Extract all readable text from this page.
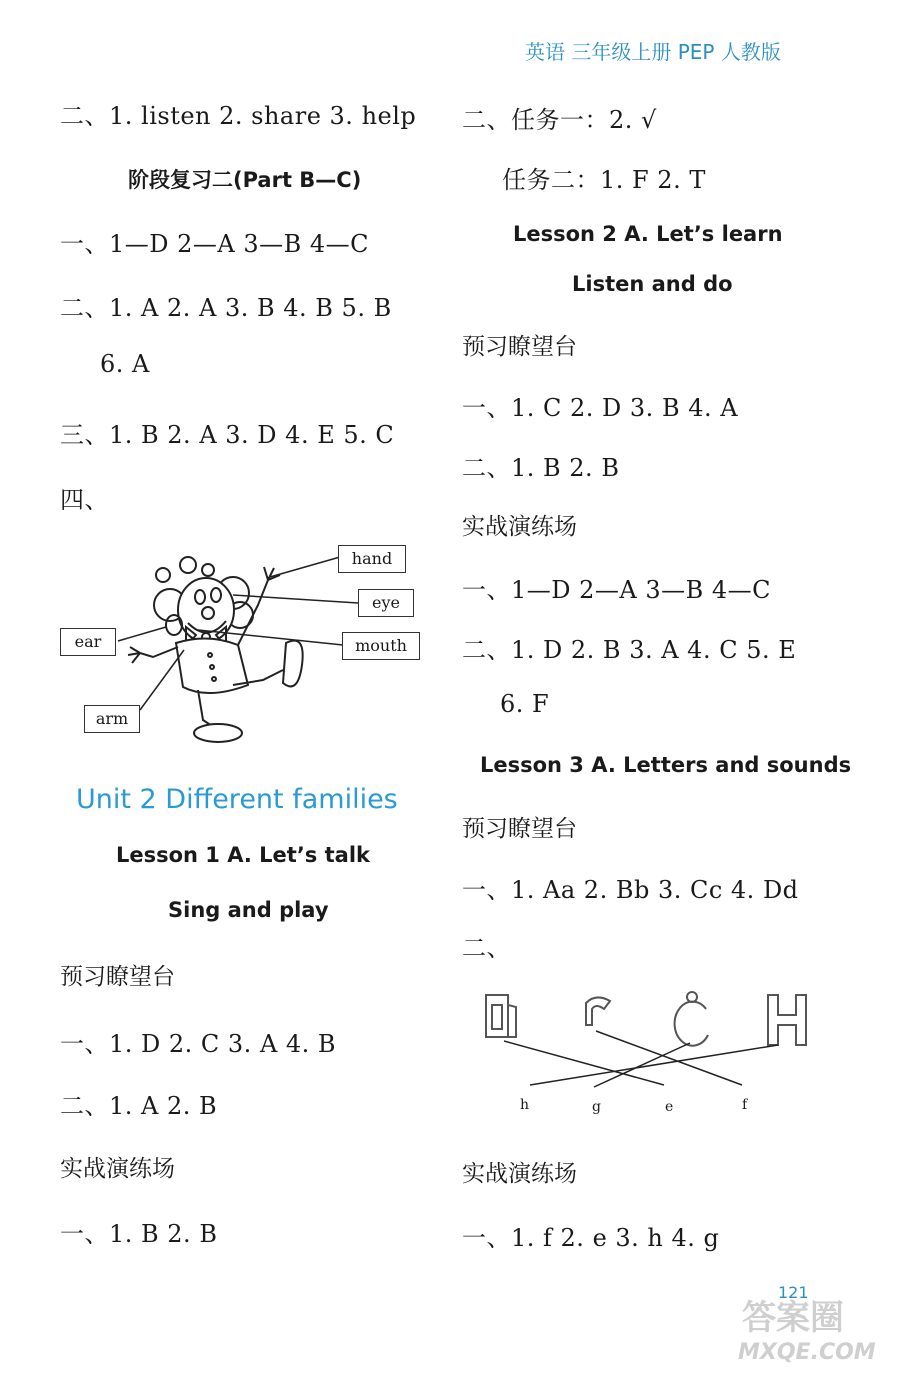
英语 三年级上册 PEP 人教版
二、1. listen 2. share 3. help
阶段复习二(Part B—C)
一、1—D 2—A 3—B 4—C
二、1. A 2. A 3. B 4. B 5. B
6. A
三、1. B 2. A 3. D 4. E 5. C
四、
hand
eye
ear	mouth
arm
Unit 2 Different families
Lesson 1 A. Let’s talk
Sing and play
预习瞭望台
一、1. D 2. C 3. A 4. B
二、1. A 2. B
实战演练场
一、1. B 2. B
二、任务一：2. √
任务二：1. F 2. T
Lesson 2 A. Let’s learn
Listen and do
预习瞭望台
一、1. C 2. D 3. B 4. A
二、1. B 2. B
实战演练场
一、1—D 2—A 3—B 4—C
二、1. D 2. B 3. A 4. C 5. E
6. F
Lesson 3 A. Letters and sounds
预习瞭望台
一、1. Aa 2. Bb 3. Cc 4. Dd
二、
h	g	e	f
实战演练场
一、1. f 2. e 3. h 4. g
121
答案圈
MXQE.COM
